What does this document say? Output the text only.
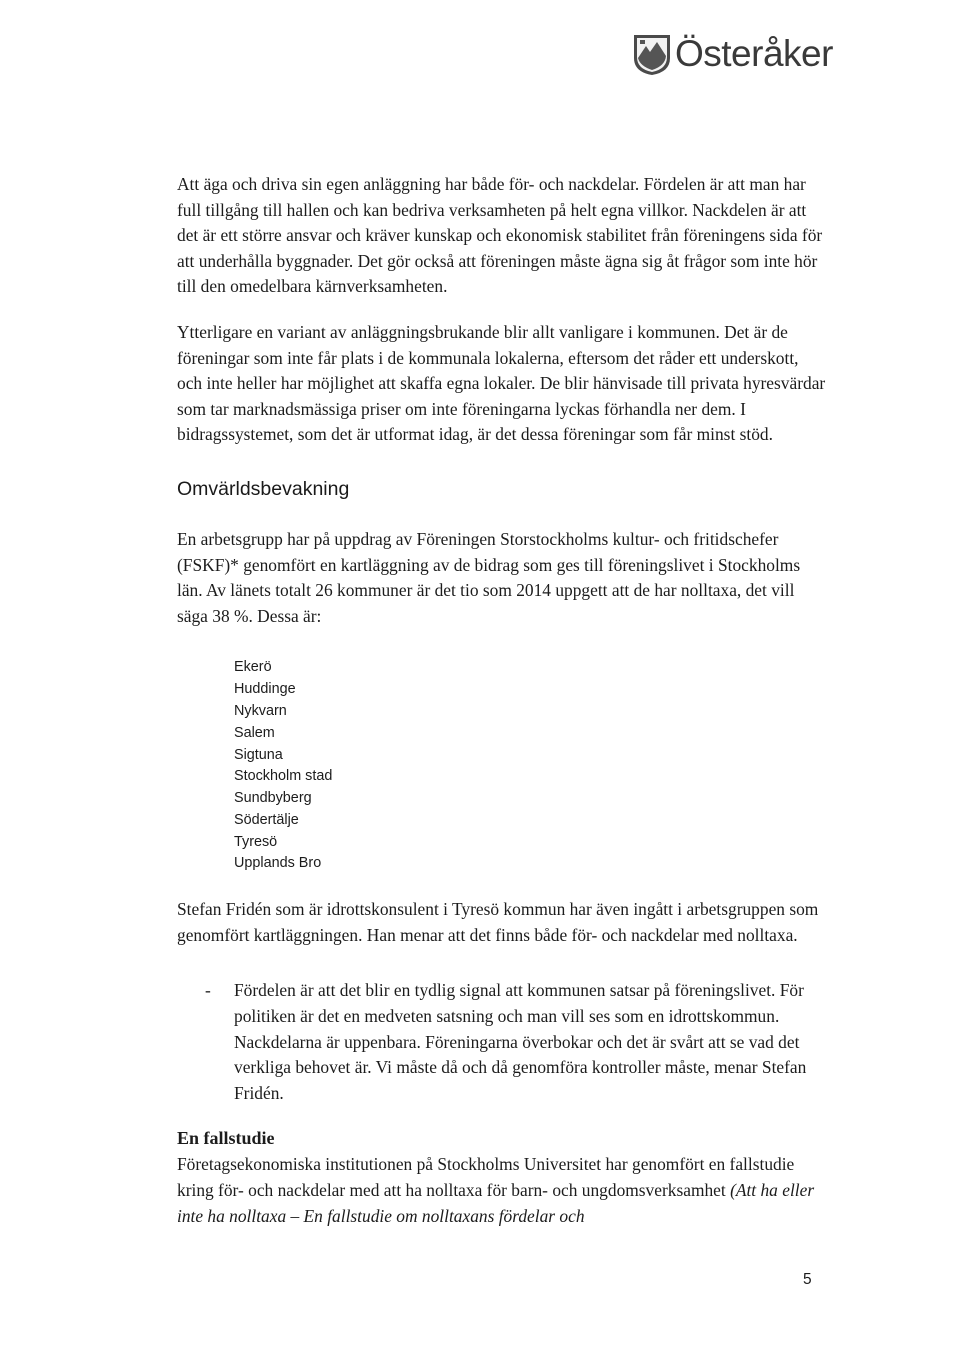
Österåker

Att äga och driva sin egen anläggning har både för- och nackdelar. Fördelen är att man har full tillgång till hallen och kan bedriva verksamheten på helt egna villkor. Nackdelen är att det är ett större ansvar och kräver kunskap och ekonomisk stabilitet från föreningens sida för att underhålla byggnader. Det gör också att föreningen måste ägna sig åt frågor som inte hör till den omedelbara kärnverksamheten.

Ytterligare en variant av anläggningsbrukande blir allt vanligare i kommunen. Det är de föreningar som inte får plats i de kommunala lokalerna, eftersom det råder ett underskott, och inte heller har möjlighet att skaffa egna lokaler. De blir hänvisade till privata hyresvärdar som tar marknadsmässiga priser om inte föreningarna lyckas förhandla ner dem. I bidragssystemet, som det är utformat idag, är det dessa föreningar som får minst stöd.

Omvärldsbevakning

En arbetsgrupp har på uppdrag av Föreningen Storstockholms kultur- och fritidschefer (FSKF)* genomfört en kartläggning av de bidrag som ges till föreningslivet i Stockholms län. Av länets totalt 26 kommuner är det tio som 2014 uppgett att de har nolltaxa, det vill säga 38 %. Dessa är:

Ekerö
Huddinge
Nykvarn
Salem
Sigtuna
Stockholm stad
Sundbyberg
Södertälje
Tyresö
Upplands Bro

Stefan Fridén som är idrottskonsulent i Tyresö kommun har även ingått i arbetsgruppen som genomfört kartläggningen. Han menar att det finns både för- och nackdelar med nolltaxa.

-	Fördelen är att det blir en tydlig signal att kommunen satsar på föreningslivet. För politiken är det en medveten satsning och man vill ses som en idrottskommun. Nackdelarna är uppenbara. Föreningarna överbokar och det är svårt att se vad det verkliga behovet är. Vi måste då och då genomföra kontroller måste, menar Stefan Fridén.
En fallstudie

Företagsekonomiska institutionen på Stockholms Universitet har genomfört en fallstudie kring för- och nackdelar med att ha nolltaxa för barn- och ungdomsverksamhet (Att ha eller inte ha nolltaxa – En fallstudie om nolltaxans fördelar och

5
